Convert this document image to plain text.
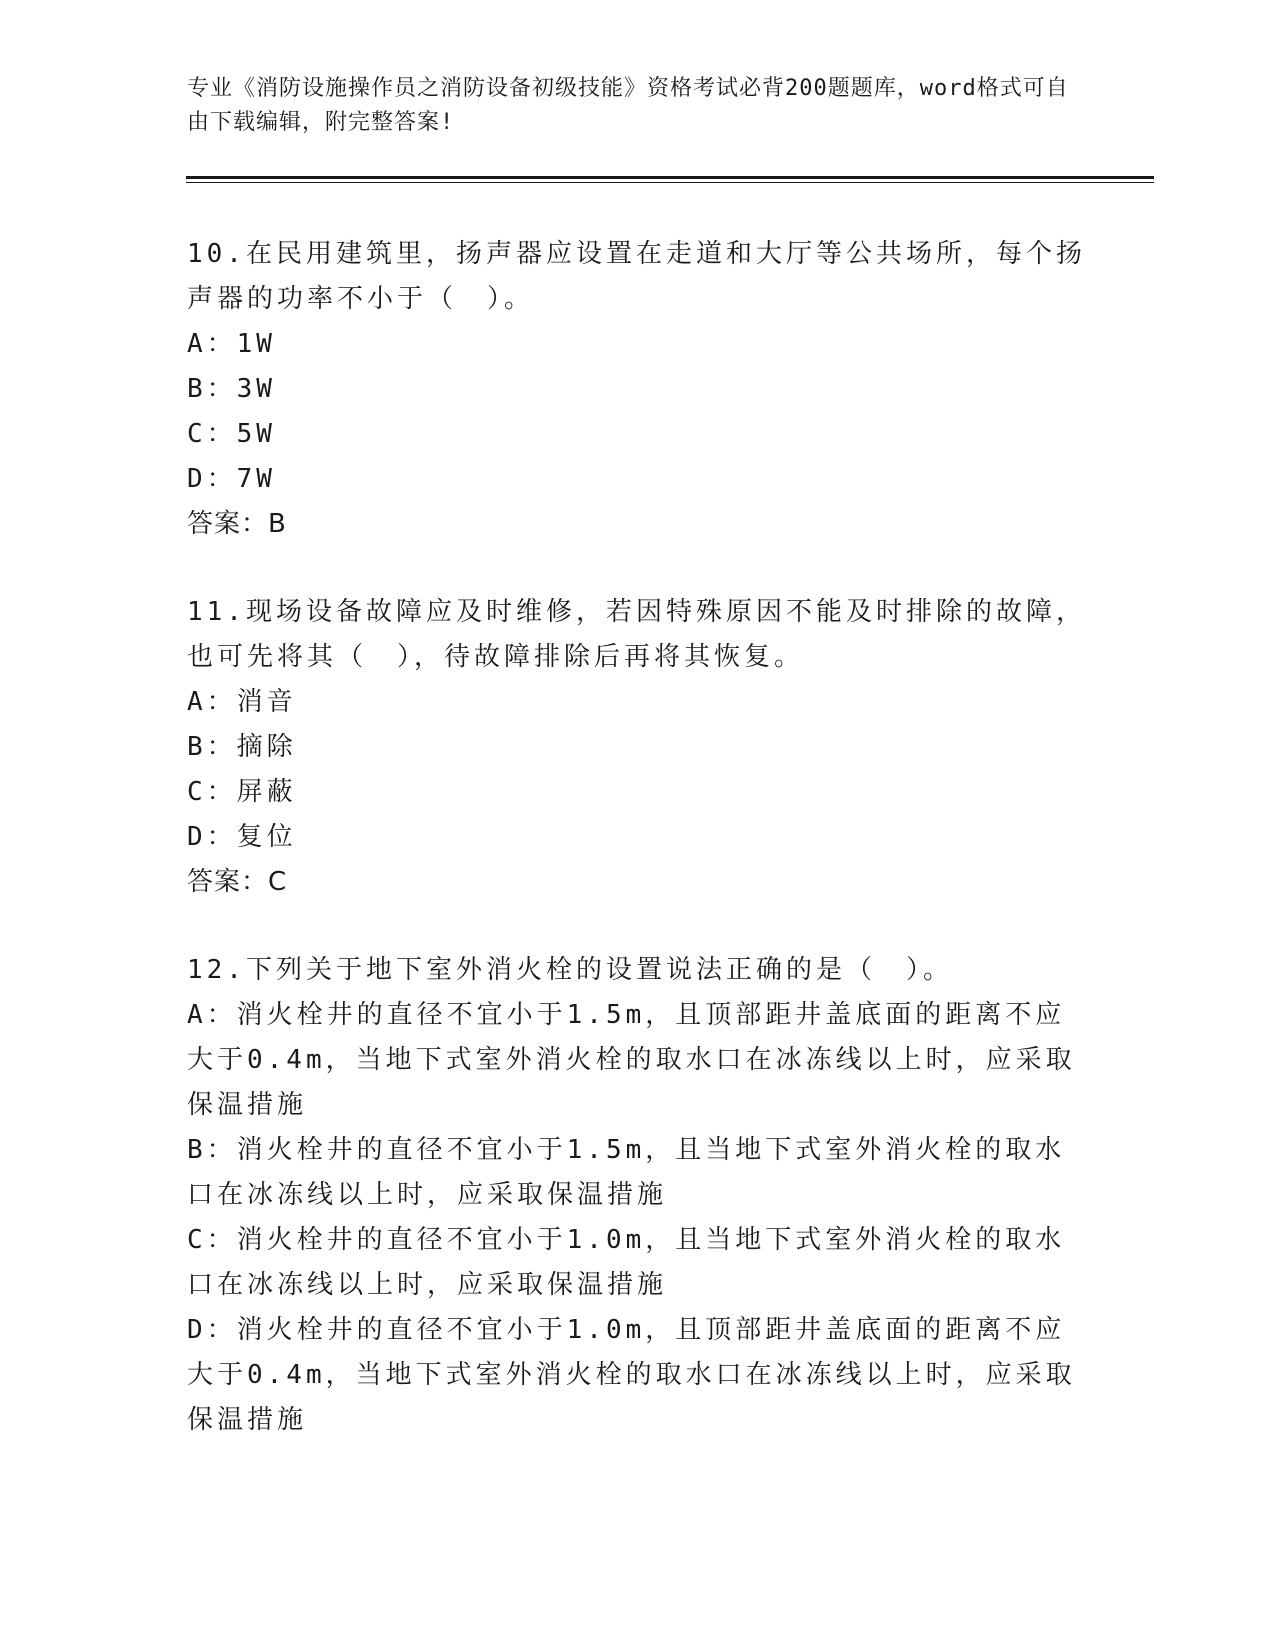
专业《消防设施操作员之消防设备初级技能》资格考试必背200题题库，word格式可自由下载编辑，附完整答案!
10.在民用建筑里，扬声器应设置在走道和大厅等公共场所，每个扬声器的功率不小于（　）。
A：1W
B：3W
C：5W
D：7W
答案：B
11.现场设备故障应及时维修，若因特殊原因不能及时排除的故障，也可先将其（　），待故障排除后再将其恢复。
A：消音
B：摘除
C：屏蔽
D：复位
答案：C
12.下列关于地下室外消火栓的设置说法正确的是（　）。
A：消火栓井的直径不宜小于1.5m，且顶部距井盖底面的距离不应大于0.4m，当地下式室外消火栓的取水口在冰冻线以上时，应采取保温措施
B：消火栓井的直径不宜小于1.5m，且当地下式室外消火栓的取水口在冰冻线以上时，应采取保温措施
C：消火栓井的直径不宜小于1.0m，且当地下式室外消火栓的取水口在冰冻线以上时，应采取保温措施
D：消火栓井的直径不宜小于1.0m，且顶部距井盖底面的距离不应大于0.4m，当地下式室外消火栓的取水口在冰冻线以上时，应采取保温措施
